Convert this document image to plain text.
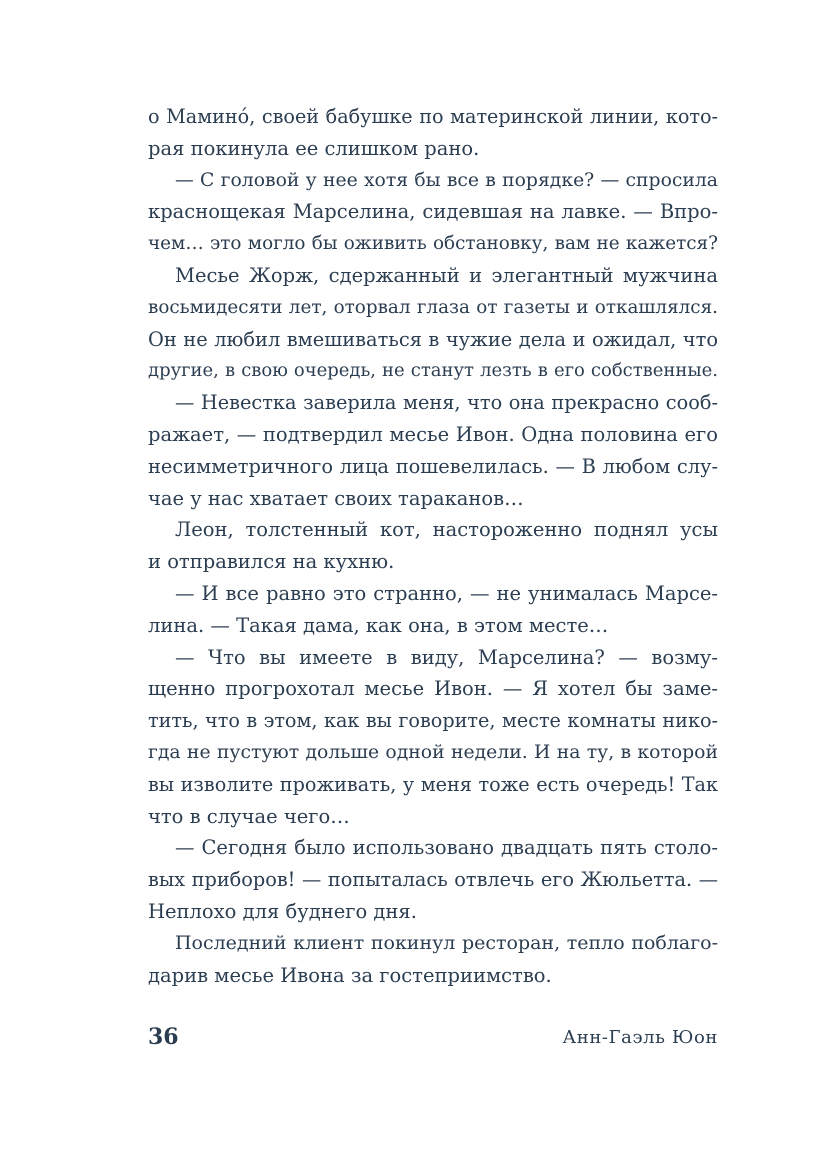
о Маминó, своей бабушке по материнской линии, кото-
рая покинула ее слишком рано.
— С головой у нее хотя бы все в порядке? — спросила
краснощекая Марселина, сидевшая на лавке. — Впро-
чем… это могло бы оживить обстановку, вам не кажется?
Месье Жорж, сдержанный и элегантный мужчина
восьмидесяти лет, оторвал глаза от газеты и откашлялся.
Он не любил вмешиваться в чужие дела и ожидал, что
другие, в свою очередь, не станут лезть в его собственные.
— Невестка заверила меня, что она прекрасно сооб-
ражает, — подтвердил месье Ивон. Одна половина его
несимметричного лица пошевелилась. — В любом слу-
чае у нас хватает своих тараканов…
Леон, толстенный кот, настороженно поднял усы
и отправился на кухню.
— И все равно это странно, — не унималась Марсе-
лина. — Такая дама, как она, в этом месте…
— Что вы имеете в виду, Марселина? — возму-
щенно прогрохотал месье Ивон. — Я хотел бы заме-
тить, что в этом, как вы говорите, месте комнаты нико-
гда не пустуют дольше одной недели. И на ту, в которой
вы изволите проживать, у меня тоже есть очередь! Так
что в случае чего…
— Сегодня было использовано двадцать пять столо-
вых приборов! — попыталась отвлечь его Жюльетта. —
Неплохо для буднего дня.
Последний клиент покинул ресторан, тепло поблаго-
дарив месье Ивона за гостеприимство.
36	Анн-Гаэль Юон
